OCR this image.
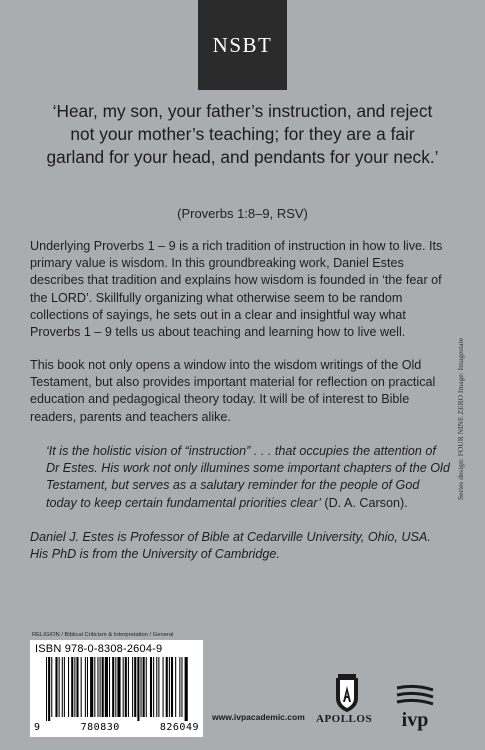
NSBT
‘Hear, my son, your father’s instruction, and reject not your mother’s teaching; for they are a fair garland for your head, and pendants for your neck.’
(Proverbs 1:8–9, RSV)
Underlying Proverbs 1 – 9 is a rich tradition of instruction in how to live. Its primary value is wisdom. In this groundbreaking work, Daniel Estes describes that tradition and explains how wisdom is founded in ‘the fear of the LORD’. Skillfully organizing what otherwise seem to be random collections of sayings, he sets out in a clear and insightful way what Proverbs 1 – 9 tells us about teaching and learning how to live well.
This book not only opens a window into the wisdom writings of the Old Testament, but also provides important material for reflection on practical education and pedagogical theory today. It will be of interest to Bible readers, parents and teachers alike.
‘It is the holistic vision of “instruction” . . . that occupies the attention of Dr Estes. His work not only illumines some important chapters of the Old Testament, but serves as a salutary reminder for the people of God today to keep certain fundamental priorities clear’ (D. A. Carson).
Daniel J. Estes is Professor of Bible at Cedarville University, Ohio, USA. His PhD is from the University of Cambridge.
Series design: FOUR NINE ZERO Image: Imagestate
RELIGION / Biblical Criticism & Interpretation / General
ISBN 978-0-8308-2604-9
9	780830	826049
www.ivpacademic.com APOLLOS ivp
